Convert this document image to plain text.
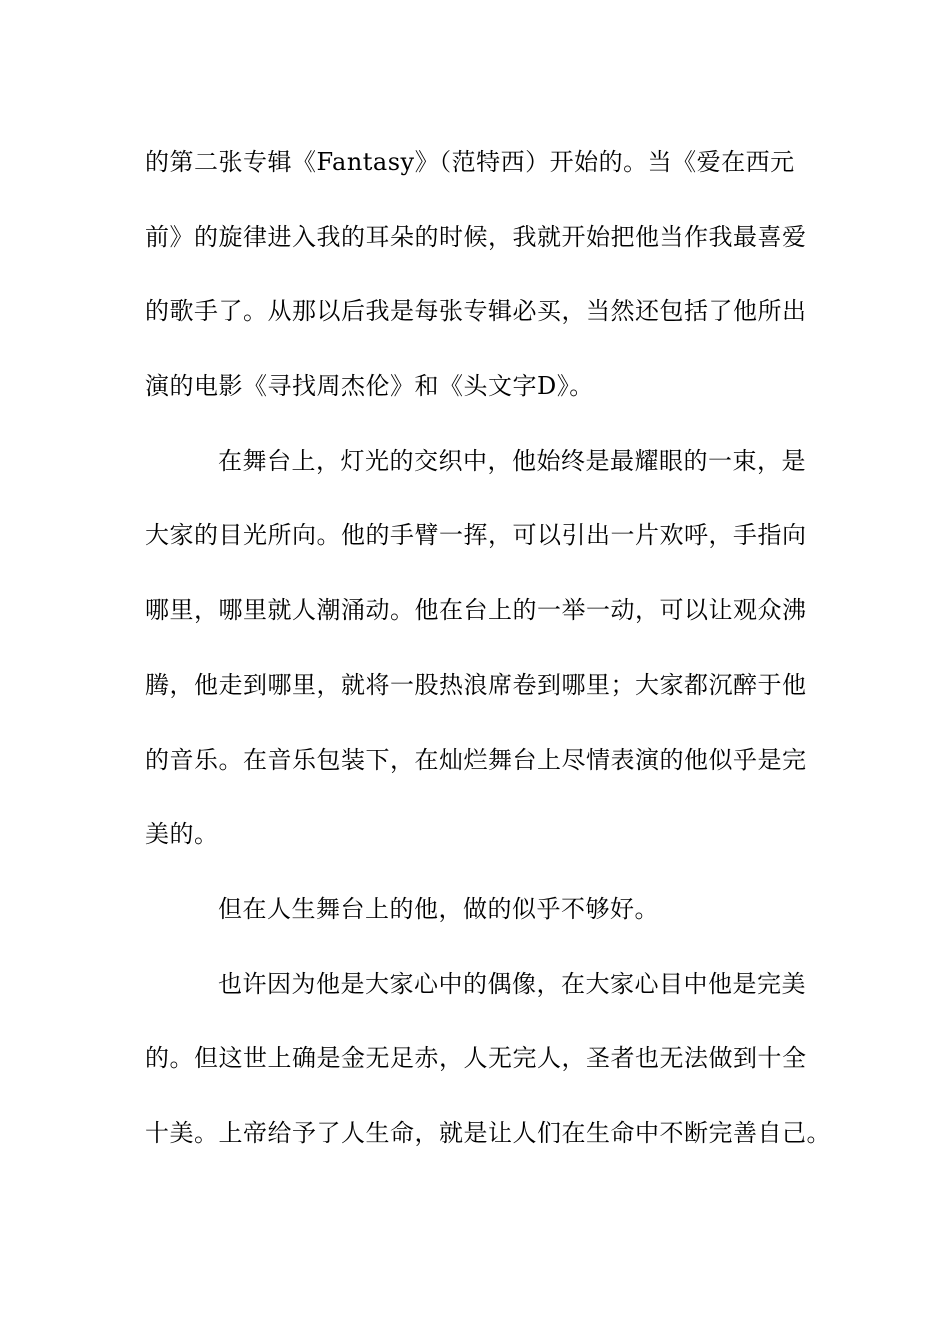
的第二张专辑《Fantasy》（范特西）开始的。当《爱在西元
前》的旋律进入我的耳朵的时候，我就开始把他当作我最喜爱
的歌手了。从那以后我是每张专辑必买，当然还包括了他所出
演的电影《寻找周杰伦》和《头文字D》。
在舞台上，灯光的交织中，他始终是最耀眼的一束，是
大家的目光所向。他的手臂一挥，可以引出一片欢呼，手指向
哪里，哪里就人潮涌动。他在台上的一举一动，可以让观众沸
腾，他走到哪里，就将一股热浪席卷到哪里；大家都沉醉于他
的音乐。在音乐包装下，在灿烂舞台上尽情表演的他似乎是完
美的。
但在人生舞台上的他，做的似乎不够好。
也许因为他是大家心中的偶像，在大家心目中他是完美
的。但这世上确是金无足赤，人无完人，圣者也无法做到十全
十美。上帝给予了人生命，就是让人们在生命中不断完善自己。
